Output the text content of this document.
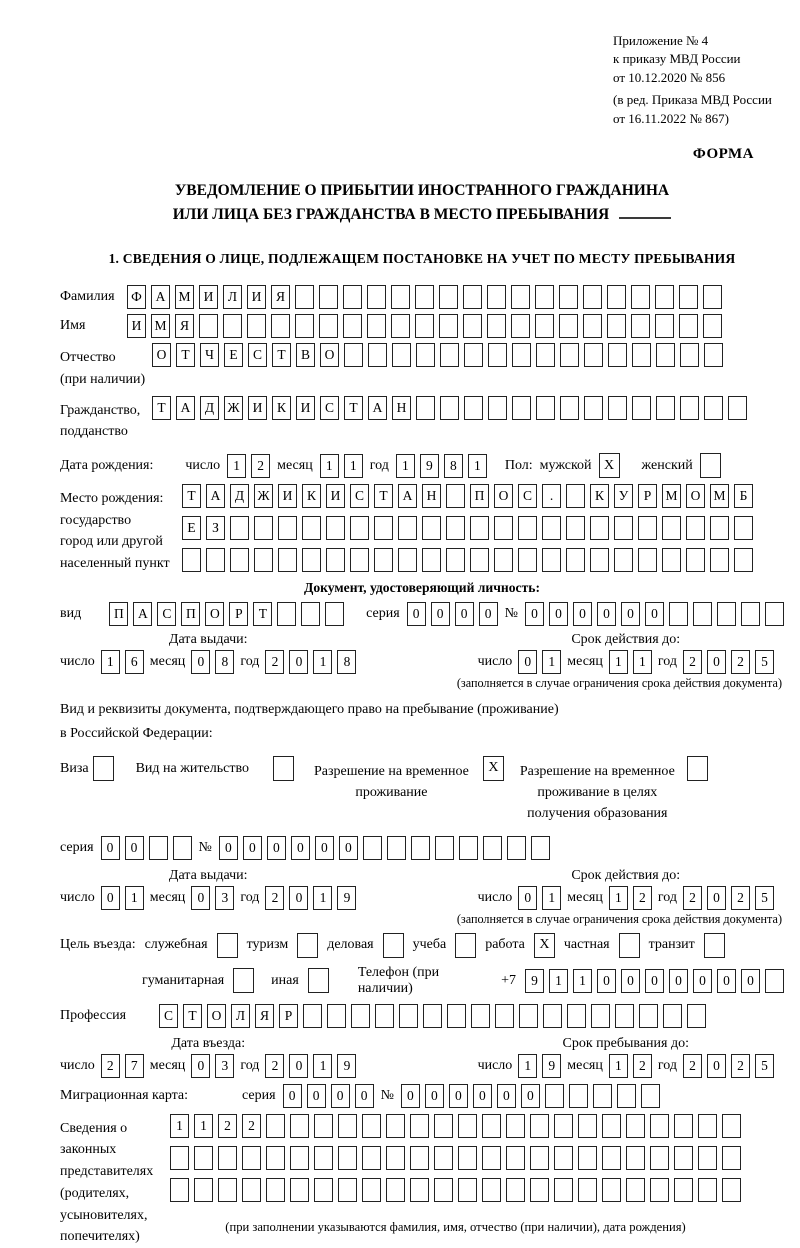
Приложение № 4
к приказу МВД России
от 10.12.2020 № 856
(в ред. Приказа МВД России
от 16.11.2022 № 867)
ФОРМА
УВЕДОМЛЕНИЕ О ПРИБЫТИИ ИНОСТРАННОГО ГРАЖДАНИНА
ИЛИ ЛИЦА БЕЗ ГРАЖДАНСТВА В МЕСТО ПРЕБЫВАНИЯ
1. СВЕДЕНИЯ О ЛИЦЕ, ПОДЛЕЖАЩЕМ ПОСТАНОВКЕ НА УЧЕТ ПО МЕСТУ ПРЕБЫВАНИЯ
Фамилия	Ф	А М И	Л	И	Я
Имя	И М Я
Отчество
(при наличии)
О	Т	Ч	Е	С	Т	В	О
Гражданство,
подданство
Т	А	Д Ж И	К	И	С	Т	А	Н
Дата рождения: число 1	2 месяц 1	1 год 1	9	8	1	Пол: мужской X	женский
Место рождения:
государство
город или другой
населенный пункт
Т	А	Д Ж И	К	И	С	Т	А	Н	П	О	С	.	К	У	Р	М О М	Б
Е	З
Документ, удостоверяющий личность:
вид	П	А	С	П	О	Р	Т	серия 0	0	0	0 № 0	0	0	0	0	0
Дата выдачи:
число 1	6 месяц 0	8 год 2	0	1	8
Срок действия до:
число 0	1 месяц 1	1 год 2	0	2	5
(заполняется в случае ограничения срока действия документа)
Вид и реквизиты документа, подтверждающего право на пребывание (проживание)
в Российской Федерации:
Виза	Вид на жительство	Разрешение на временное
проживание
X	Разрешение на временное
проживание в целях
получения образования
серия 0	0	№ 0	0	0	0	0	0
Дата выдачи:
число 0	1 месяц 0	3 год 2	0	1	9
Срок действия до:
число 0	1 месяц 1	2 год 2	0	2	5
(заполняется в случае ограничения срока действия документа)
Цель въезда: служебная	туризм	деловая	учеба	работа	X	частная	транзит
гуманитарная	иная
Телефон (при наличии)
+7	9	1	1	0	0	0	0	0	0	0
Профессия	С	Т	О	Л	Я	Р
Дата въезда:
число 2	7 месяц 0	3 год 2	0	1	9
Срок пребывания до:
число 1	9 месяц 1	2 год 2	0	2	5
Миграционная карта:	серия 0	0	0	0 № 0	0	0	0	0	0
Сведения о
законных
представителях
(родителях,
усыновителях,
попечителях)
1	1	2	2
(при заполнении указываются фамилия, имя, отчество (при наличии), дата рождения)
